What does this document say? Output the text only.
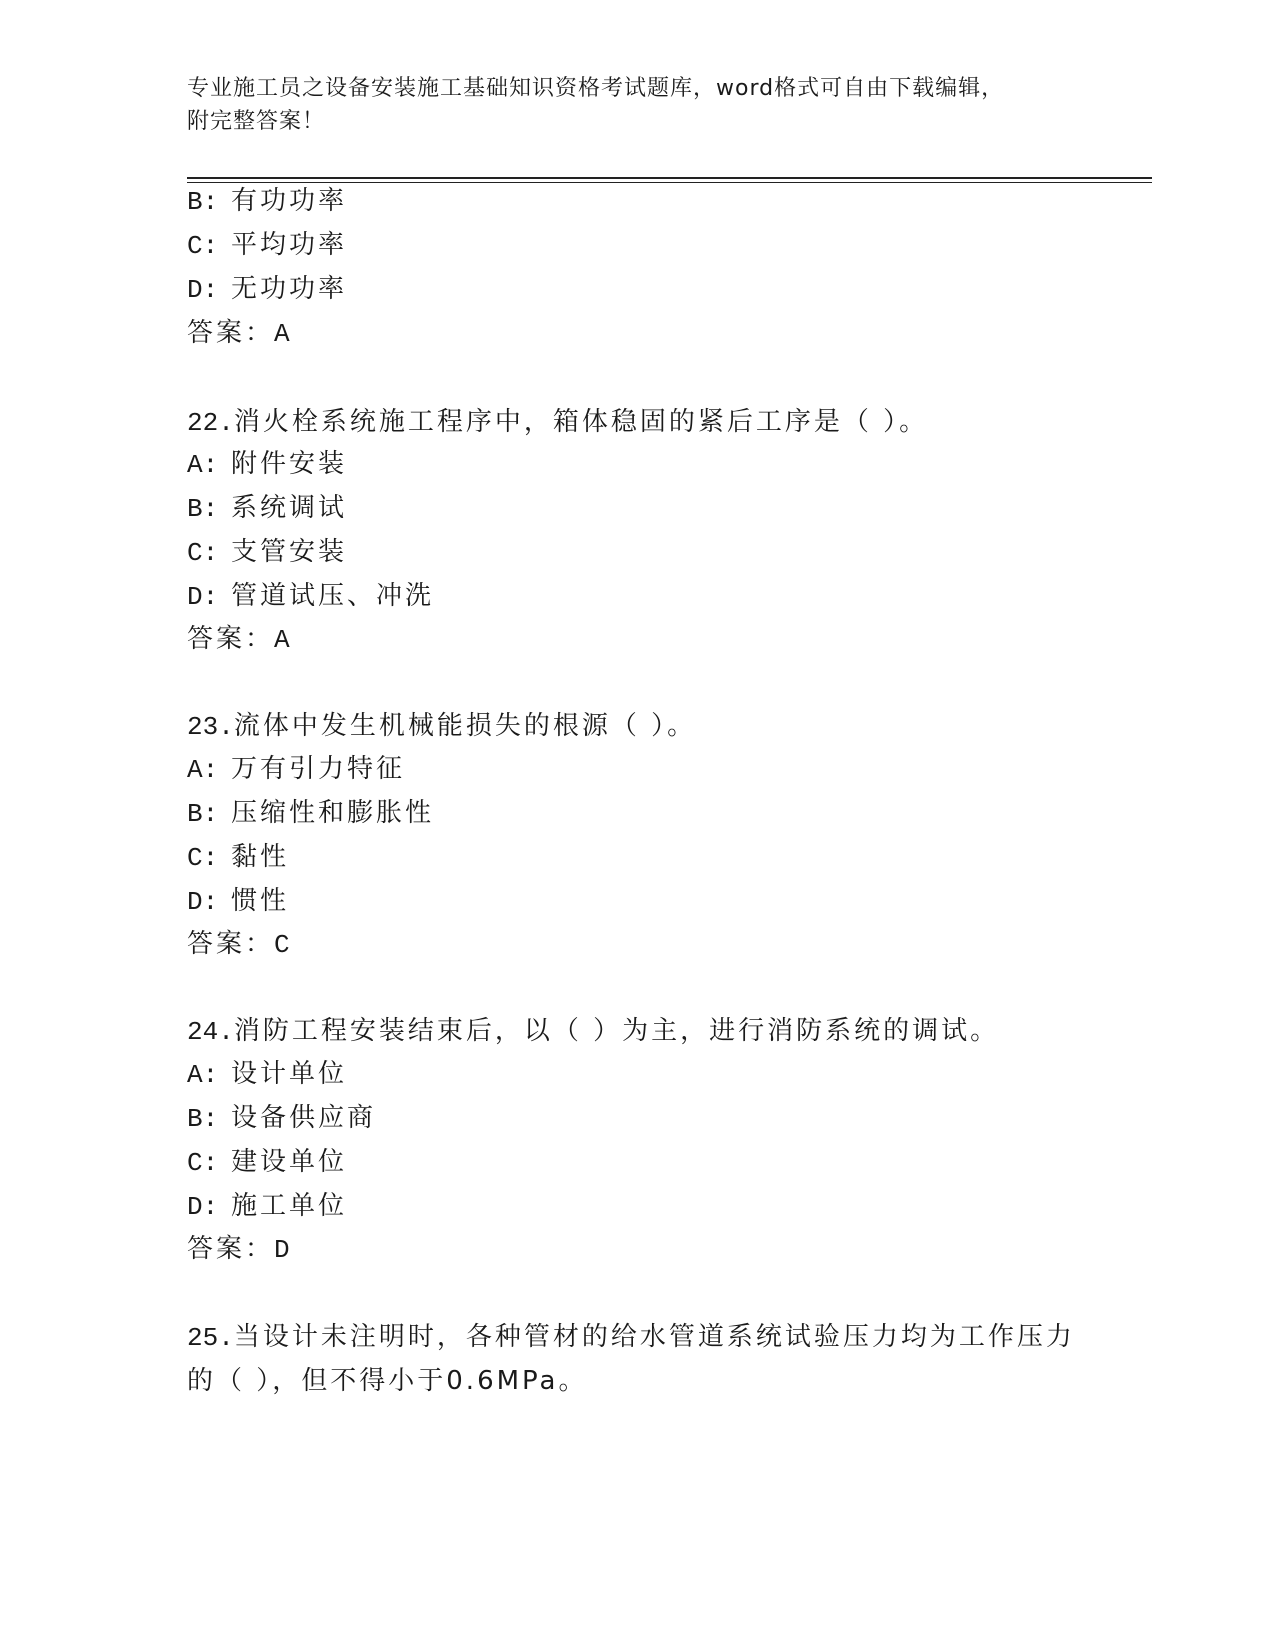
专业施工员之设备安装施工基础知识资格考试题库，word格式可自由下载编辑，
附完整答案！
B: 有功功率
C: 平均功率
D: 无功功率
答案：A
22.消火栓系统施工程序中，箱体稳固的紧后工序是（ ）。
A: 附件安装
B: 系统调试
C: 支管安装
D: 管道试压、冲洗
答案：A
23.流体中发生机械能损失的根源（ ）。
A: 万有引力特征
B: 压缩性和膨胀性
C: 黏性
D: 惯性
答案：C
24.消防工程安装结束后，以（ ）为主，进行消防系统的调试。
A: 设计单位
B: 设备供应商
C: 建设单位
D: 施工单位
答案：D
25.当设计未注明时，各种管材的给水管道系统试验压力均为工作压力
的（ ），但不得小于0.6MPa。
